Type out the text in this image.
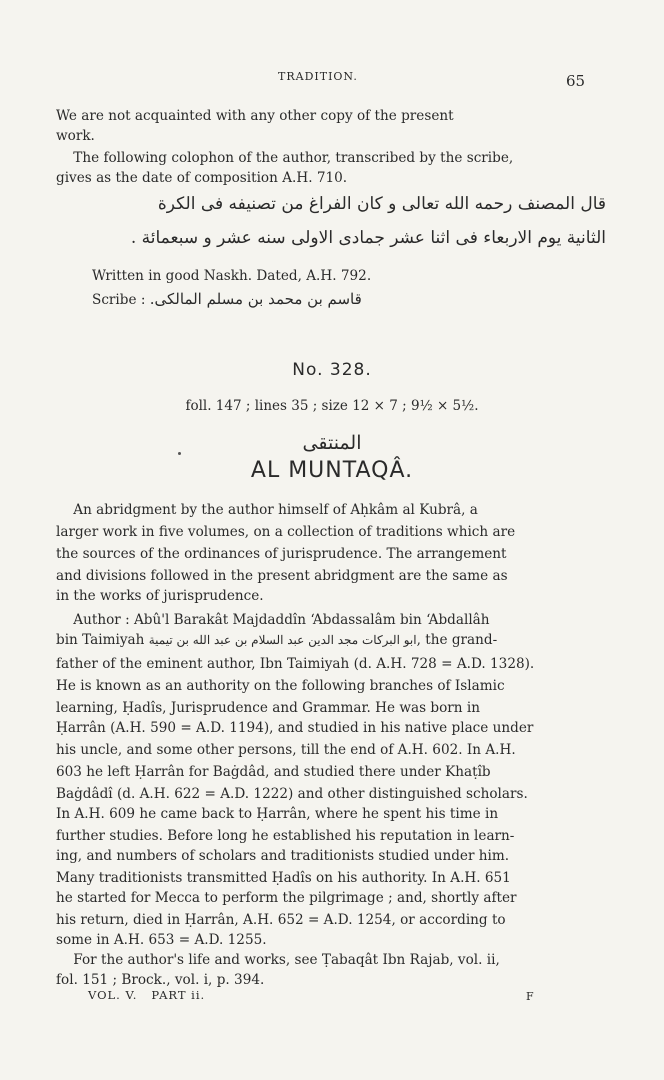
TRADITION.	65
We are not acquainted with any other copy of the present
work.
The following colophon of the author, transcribed by the scribe,
gives as the date of composition A.H. 710.
قال المصنف رحمه الله تعالى و كان الفراغ من تصنيفه فى الكرة
الثانية يوم الاربعاء فى اثنا عشر جمادى الاولى سنه عشر و سبعمائة .
Written in good Naskh. Dated, A.H. 792.
Scribe : قاسم بن محمد بن مسلم المالكى.
No. 328.
foll. 147 ; lines 35 ; size 12 × 7 ; 9½ × 5½.
المنتقى
AL MUNTAQÂ.
An abridgment by the author himself of Aḥkâm al Kubrâ, a
larger work in five volumes, on a collection of traditions which are
the sources of the ordinances of jurisprudence. The arrangement
and divisions followed in the present abridgment are the same as
in the works of jurisprudence.
Author : Abû'l Barakât Majdaddîn ‘Abdassalâm bin ‘Abdallâh
bin Taimiyah ابو البركات مجد الدين عبد السلام بن عبد الله بن تيمية, the grand-
father of the eminent author, Ibn Taimiyah (d. A.H. 728 = A.D. 1328).
He is known as an authority on the following branches of Islamic
learning, Ḥadîs, Jurisprudence and Grammar. He was born in
Ḥarrân (A.H. 590 = A.D. 1194), and studied in his native place under
his uncle, and some other persons, till the end of A.H. 602. In A.H.
603 he left Ḥarrân for Baġdâd, and studied there under Khaṭîb
Baġdâdî (d. A.H. 622 = A.D. 1222) and other distinguished scholars.
In A.H. 609 he came back to Ḥarrân, where he spent his time in
further studies. Before long he established his reputation in learn-
ing, and numbers of scholars and traditionists studied under him.
Many traditionists transmitted Ḥadîs on his authority. In A.H. 651
he started for Mecca to perform the pilgrimage ; and, shortly after
his return, died in Ḥarrân, A.H. 652 = A.D. 1254, or according to
some in A.H. 653 = A.D. 1255.
For the author's life and works, see Ṭabaqât Ibn Rajab, vol. ii,
fol. 151 ; Brock., vol. i, p. 394.
VOL. V.   PART ii.	F
